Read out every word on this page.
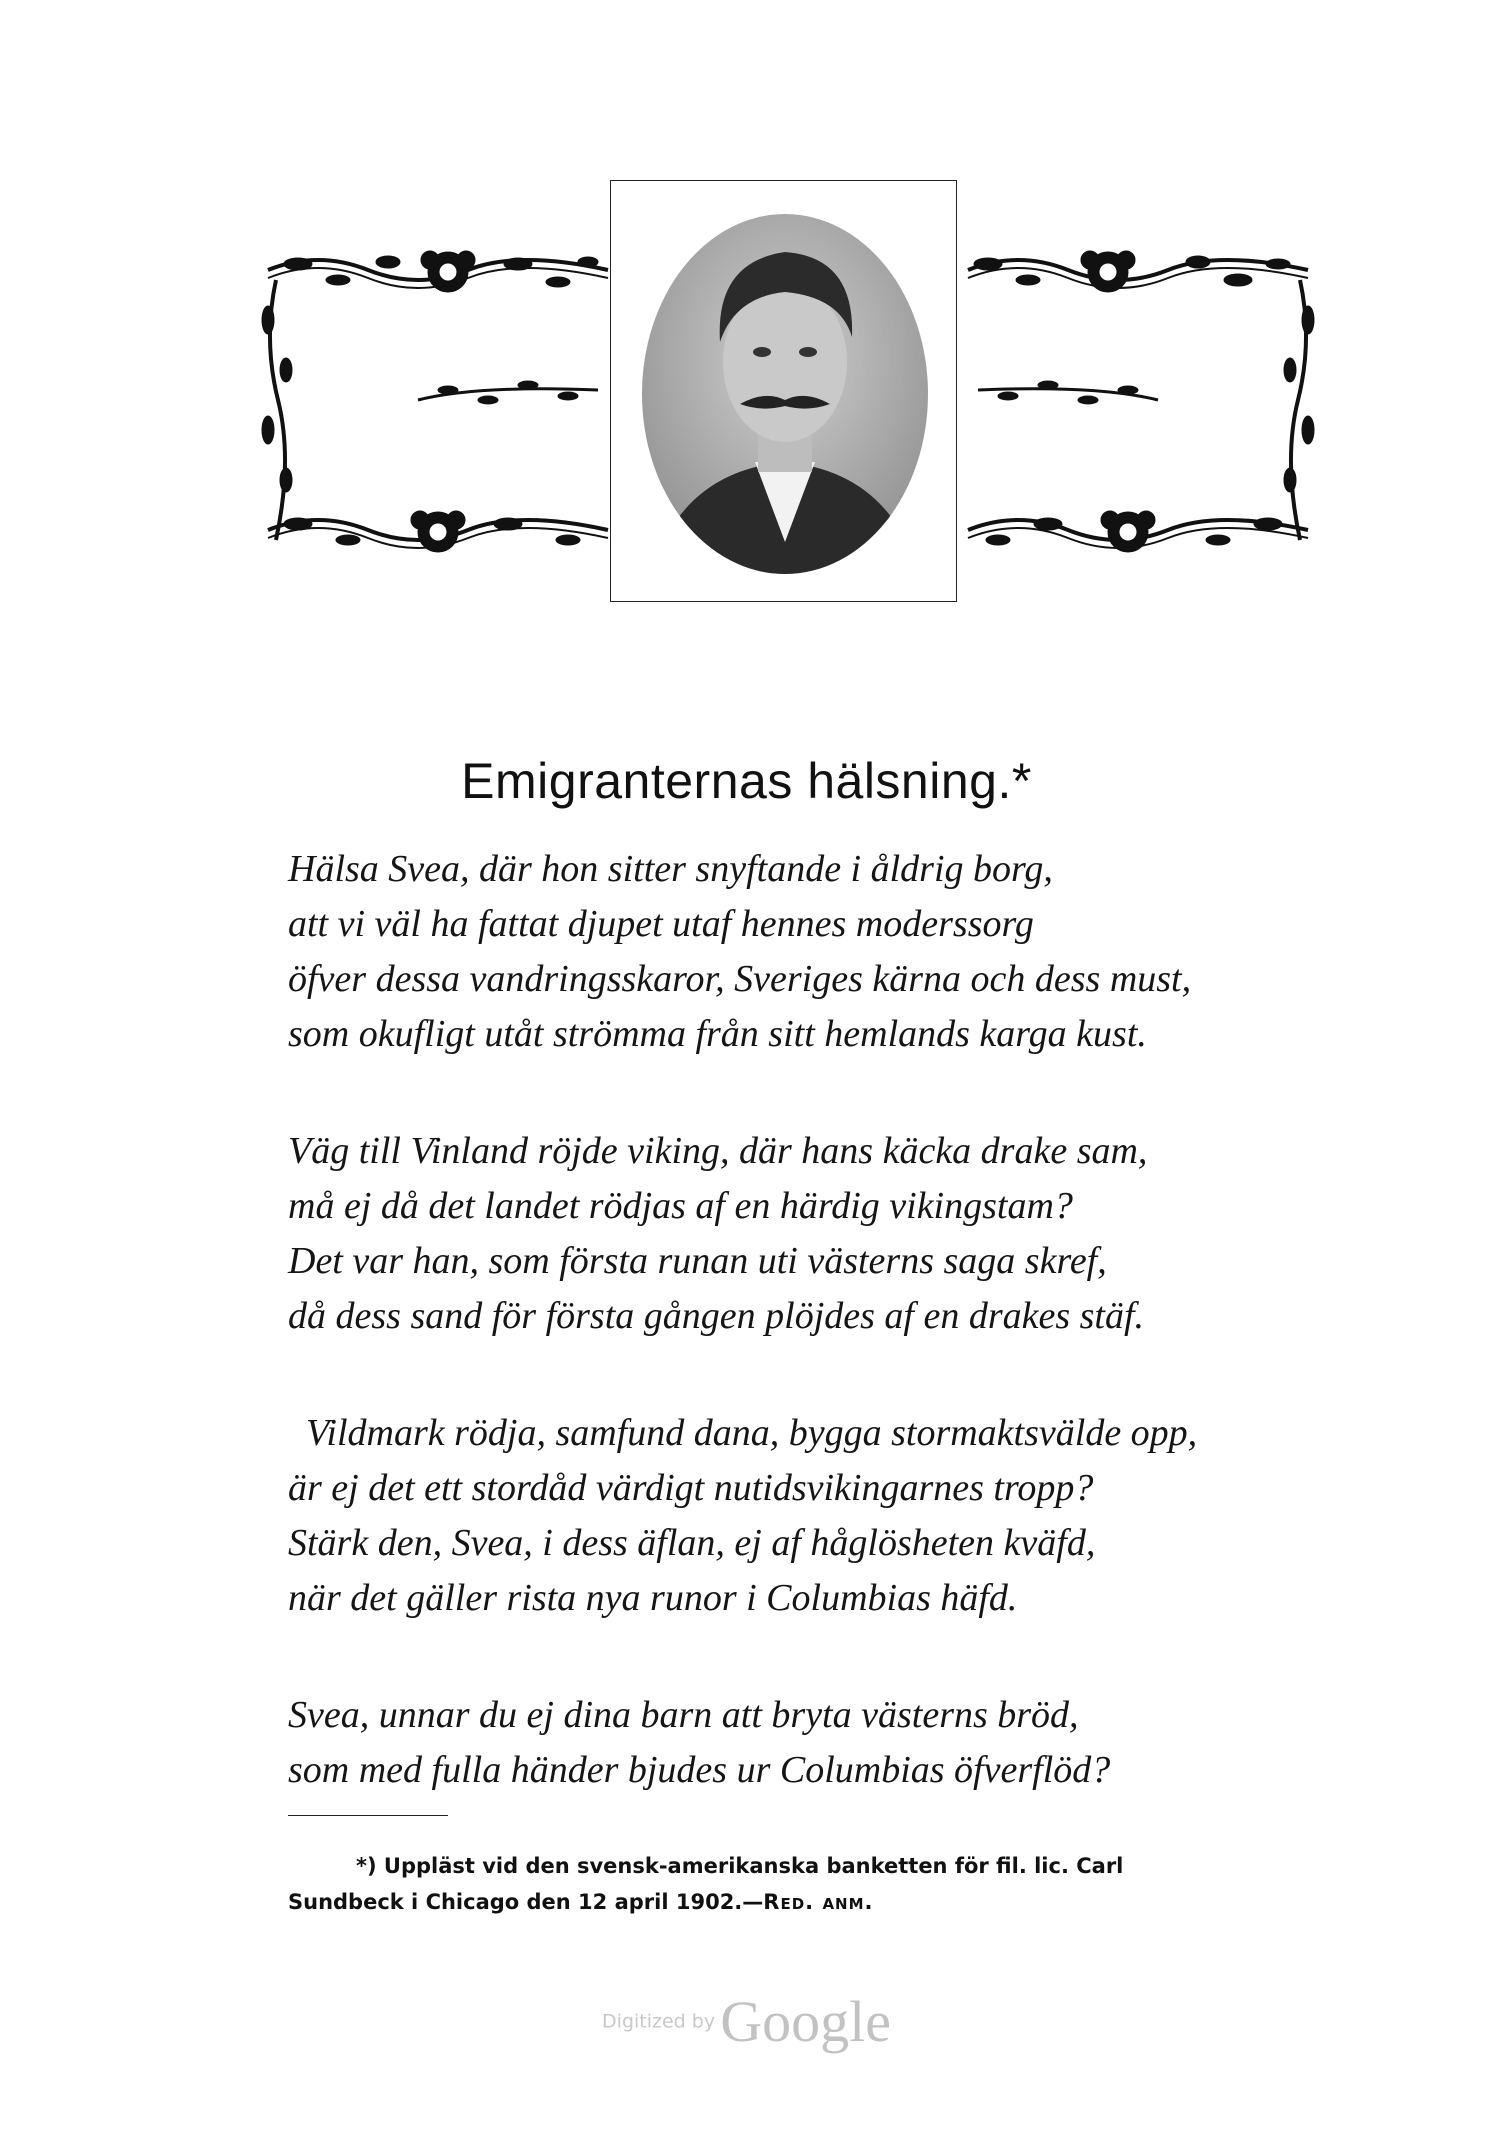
Emigranternas hälsning.*
Hälsa Svea, där hon sitter snyftande i åldrig borg,
att vi väl ha fattat djupet utaf hennes moderssorg
öfver dessa vandringsskaror, Sveriges kärna och dess must,
som okufligt utåt strömma från sitt hemlands karga kust.
Väg till Vinland röjde viking, där hans käcka drake sam,
må ej då det landet rödjas af en härdig vikingstam?
Det var han, som första runan uti västerns saga skref,
då dess sand för första gången plöjdes af en drakes stäf.
Vildmark rödja, samfund dana, bygga stormaktsvälde opp,
är ej det ett stordåd värdigt nutidsvikingarnes tropp?
Stärk den, Svea, i dess äflan, ej af håglösheten kväfd,
när det gäller rista nya runor i Columbias häfd.
Svea, unnar du ej dina barn att bryta västerns bröd,
som med fulla händer bjudes ur Columbias öfverflöd?
*) Uppläst vid den svensk-amerikanska banketten för fil. lic. Carl
Sundbeck i Chicago den 12 april 1902.—Red. anm.
Digitized by Google
